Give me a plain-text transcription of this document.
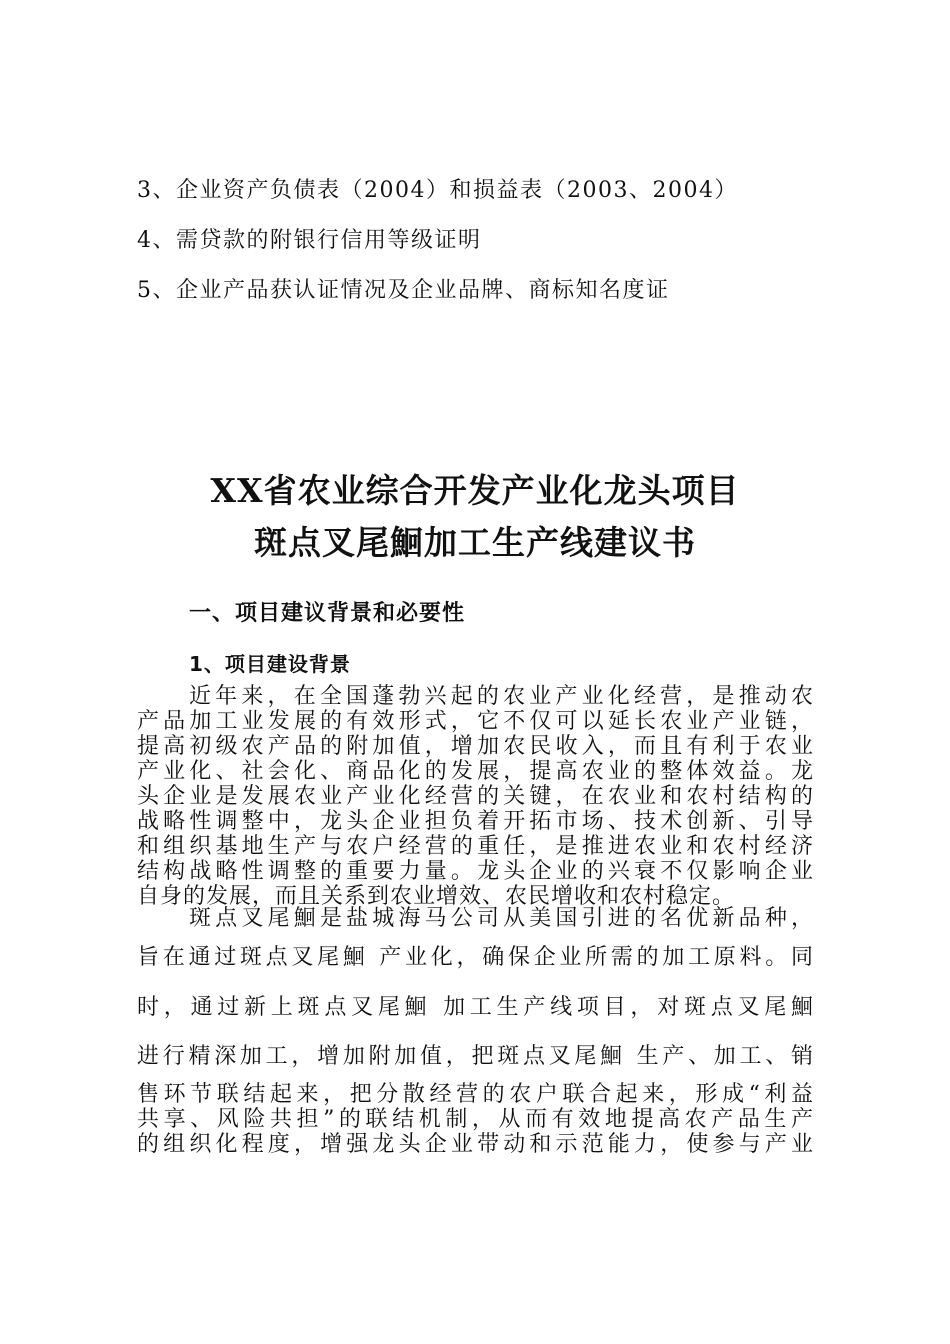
3、企业资产负债表（2004）和损益表（2003、2004）
4、需贷款的附银行信用等级证明
5、企业产品获认证情况及企业品牌、商标知名度证
XX省农业综合开发产业化龙头项目
斑点叉尾鮰加工生产线建议书
一、项目建议背景和必要性
1、项目建设背景
近年来，在全国蓬勃兴起的农业产业化经营，是推动农
产品加工业发展的有效形式，它不仅可以延长农业产业链，
提高初级农产品的附加值，增加农民收入，而且有利于农业
产业化、社会化、商品化的发展，提高农业的整体效益。龙
头企业是发展农业产业化经营的关键，在农业和农村结构的
战略性调整中，龙头企业担负着开拓市场、技术创新、引导
和组织基地生产与农户经营的重任，是推进农业和农村经济
结构战略性调整的重要力量。龙头企业的兴衰不仅影响企业
自身的发展，而且关系到农业增效、农民增收和农村稳定。
斑点叉尾鮰是盐城海马公司从美国引进的名优新品种，
旨在通过斑点叉尾鮰 产业化，确保企业所需的加工原料。同
时，通过新上斑点叉尾鮰 加工生产线项目，对斑点叉尾鮰
进行精深加工，增加附加值，把斑点叉尾鮰 生产、加工、销
售环节联结起来，把分散经营的农户联合起来，形成“利益
共享、风险共担”的联结机制，从而有效地提高农产品生产
的组织化程度，增强龙头企业带动和示范能力，使参与产业
